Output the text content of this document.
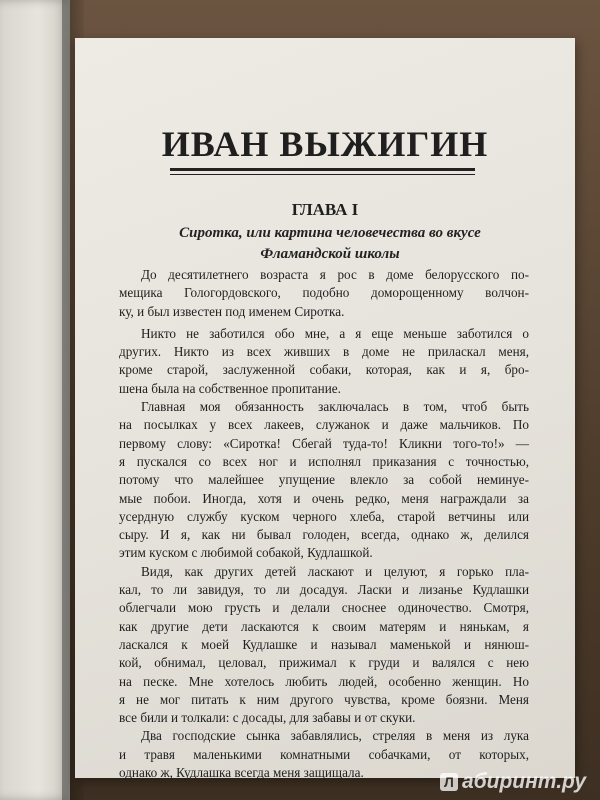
ИВАН ВЫЖИГИН
ГЛАВА I
Сиротка, или картина человечества во вкусе
Фламандской школы
До десятилетнего возраста я рос в доме белорусского по-
мещика Гологордовского, подобно доморощенному волчон-
ку, и был известен под именем Сиротка.
Никто не заботился обо мне, а я еще меньше заботился о
других. Никто из всех живших в доме не приласкал меня,
кроме старой, заслуженной собаки, которая, как и я, бро-
шена была на собственное пропитание.
Главная моя обязанность заключалась в том, чтоб быть
на посылках у всех лакеев, служанок и даже мальчиков. По
первому слову: «Сиротка! Сбегай туда-то! Кликни того-то!» —
я пускался со всех ног и исполнял приказания с точностью,
потому что малейшее упущение влекло за собой неминуе-
мые побои. Иногда, хотя и очень редко, меня награждали за
усердную службу куском черного хлеба, старой ветчины или
сыру. И я, как ни бывал голоден, всегда, однако ж, делился
этим куском с любимой собакой, Кудлашкой.
Видя, как других детей ласкают и целуют, я горько пла-
кал, то ли завидуя, то ли досадуя. Ласки и лизанье Кудлашки
облегчали мою грусть и делали сноснее одиночество. Смотря,
как другие дети ласкаются к своим матерям и нянькам, я
ласкался к моей Кудлашке и называл маменькой и нянюш-
кой, обнимал, целовал, прижимал к груди и валялся с нею
на песке. Мне хотелось любить людей, особенно женщин. Но
я не мог питать к ним другого чувства, кроме боязни. Меня
все били и толкали: с досады, для забавы и от скуки.
Два господские сынка забавлялись, стреляя в меня из лука
и травя маленькими комнатными собачками, от которых,
однако ж, Кудлашка всегда меня защищала.
Л абиринт.ру
